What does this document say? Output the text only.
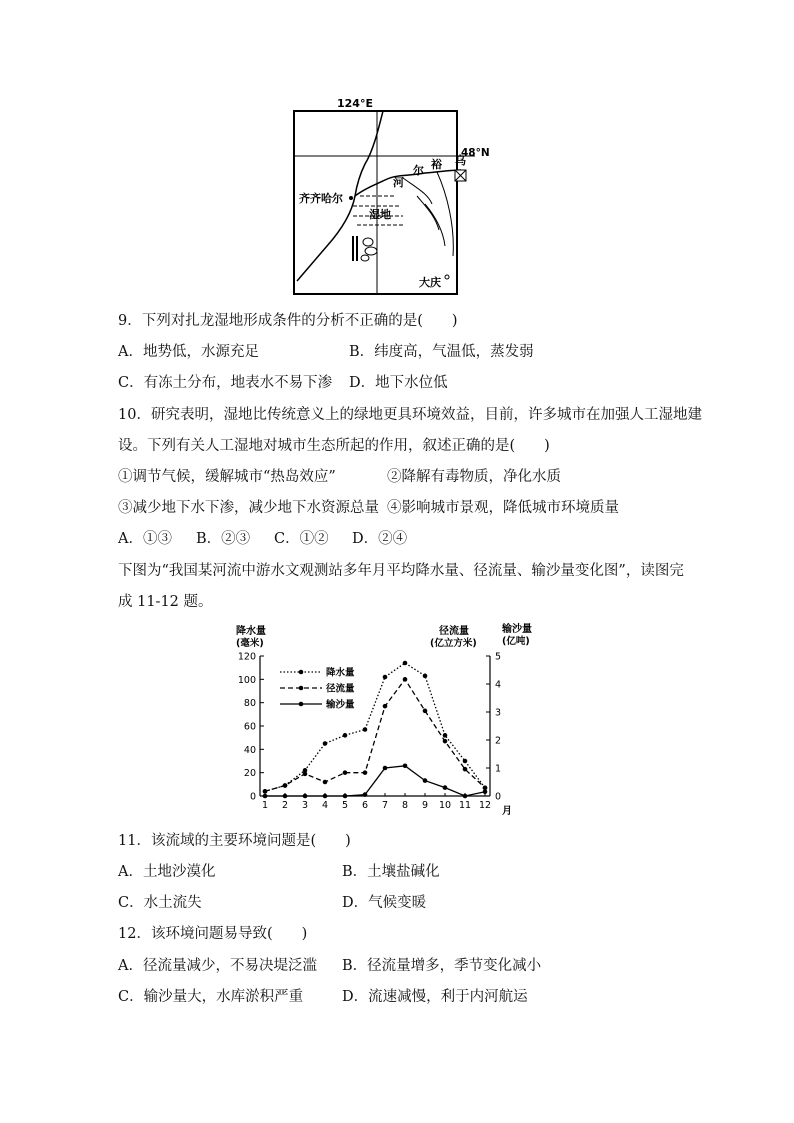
124°E
48°N
齐齐哈尔
湿地
河
尔 裕 乌
大庆
9．下列对扎龙湿地形成条件的分析不正确的是(　　)
A．地势低，水源充足	B．纬度高，气温低，蒸发弱
C．有冻土分布，地表水不易下渗 D．地下水位低
10．研究表明，湿地比传统意义上的绿地更具环境效益，目前，许多城市在加强人工湿地建
设。下列有关人工湿地对城市生态所起的作用，叙述正确的是(　　)
①调节气候，缓解城市“热岛效应”	②降解有毒物质，净化水质
③减少地下水下渗，减少地下水资源总量 ④影响城市景观，降低城市环境质量
A．①③ B．②③ C．①② D．②④
下图为“我国某河流中游水文观测站多年月平均降水量、径流量、输沙量变化图”，读图完
成 11-12 题。
降水量
(毫米)
径流量
(亿立方米)
输沙量
(亿吨)
0
20
40
60
80
100
120
0
1
2
3
4
5
1 2 3 4 5 6 7 8 9 10 11 12
降水量
径流量
输沙量
月
11．该流域的主要环境问题是(　　)
A．土地沙漠化	B．土壤盐碱化
C．水土流失	D．气候变暖
12．该环境问题易导致(　　)
A．径流量减少，不易决堤泛滥 B．径流量增多，季节变化减小
C．输沙量大，水库淤积严重	D．流速减慢，利于内河航运
